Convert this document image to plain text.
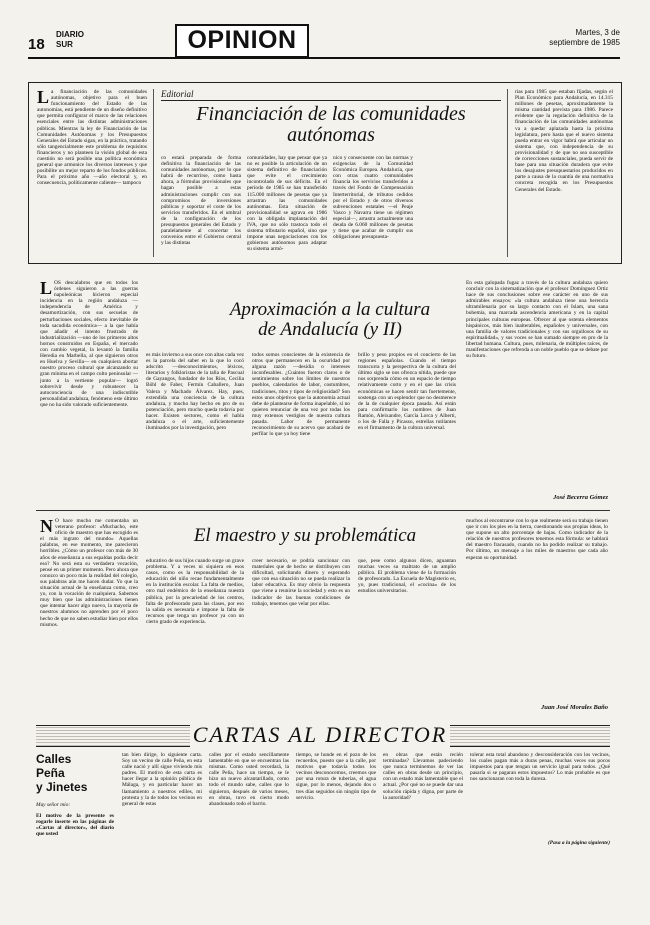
18
DIARIO
SUR	OPINION	Martes, 3 de
septiembre de 1985
La financiación de las comunidades autónomas, objetivo para el buen funcionamiento del Estado de las autonomías, está pendiente de un diseño definitivo que permita configurar el marco de las relaciones esenciales entre las distintas administraciones públicas. Mientras la ley de Financiación de las Comunidades Autónomas y los Presupuestos Generales del Estado sigan, en la práctica, tratando sólo tangencialmente este problema de requisitos financieros y no planteen la visión global de esta cuestión no será posible una política económica general que armonice los diversos intereses y que posibilite un mejor reparto de los fondos públicos. Para el próximo año —año electoral y, en consecuencia, políticamente caliente— tampoco
Editorial
Financiación de las comunidades
autónomas
co estará preparada de forma definitiva la financiación de las comunidades autónomas, por lo que habrá de recurrirse, como hasta ahora, a fórmulas provisionales que hagan posible a estas administraciones cumplir con sus compromisos de inversiones públicas y soportar el coste de los servicios transferidos. En el umbral de la configuración de los presupuestos generales del Estado y paralelamente al concertar los convenios entre el Gobierno central y las distintas
comunidades, hay que pensar que ya no es posible la articulación de un sistema definitivo de financiación que evite el crecimiento incontrolado de sus déficits. En el período de 1985 se han transferido 115.000 millones de pesetas que ya arrastran las comunidades autónomas. Esta situación de provisionalidad se agrava en 1986 con la obligada implantación del IVA, que no sólo trastoca todo el sistema tributario español, sino que impone unas negociaciones con los gobiernos autónomos para adaptar su sistema armó-
nico y consecuente con las normas y exigencias de la Comunidad Económica Europea. Andalucía, que con otras cuatro comunidades financia los servicios transferidos a través del Fondo de Compensación Interterritorial, de tributos cedidos por el Estado y de otros diversos subvenciones estatales —el Peaje Vasco y Navarra tiene un régimen especial—, arrastra actualmente una deuda de 6.060 millones de pesetas y tiene que acabar de cumplir sus obligaciones presupuesta-
rias para 1985 que estaban fijadas, según el Plan Económico para Andalucía, en 14.315 millones de pesetas, aproximadamente la misma cantidad prevista para 1986. Parece evidente que la regulación definitiva de la financiación de las comunidades autónomas va a quedar aplazada hasta la próxima legislatura, pero hasta que el nuevo sistema pueda entrar en vigor habrá que articular un sistema que, con independencia de su provisionalidad y de que no sea susceptible de correcciones sustanciales, pueda servir de base para una situación duradera que evite los desajustes presupuestarios producidos en parte a causa de la cuantía de una normativa concreta recogida en los Presupuestos Generales del Estado.
Aproximación a la cultura
de Andalucía (y II)
LOS descalabros que en todos los órdenes siguieron a las guerras napoleónicas hicieron especial incidencia en la región andaluza —independencia de América y desamortización, con sus secuelas de perturbaciones sociales, efecto inevitable de toda sacudida económica— a la que había que añadir el intento frustrado de industrialización —uno de los primeros altos hornos construidos en España, el mercado con cambio vegetal, la levantó la familia Heredia en Marbella, al que siguieron otros en Huelva y Sevilla— en cualquiera abortar nuestro proceso cultural que alcanzando su gran mínima en el campo culto peninsular —junto a la vertiente popular— logró sobrevivir desde y robustecer la autoconciencia de una indiscutible personalidad andaluza, fenómeno este último que no ha sido valorado suficientemente.
es más invierno a sus once con altas cada vez es la parcela del saber en la que lo cocó adscrito —desconocimientos, léxicos, literarios y folkloristas de la talla de Pascual de Gayangos, fundador de los Ríos, Cecilia Böhl de Faber, Fermín Caballero, Juan Valera y Machado Álvarez. Hay, pues, extendida una conciencia de la cultura andaluza, y mucho hay hecho en pro de su potenciación, pero mucho queda todavía por hacer. Existen sectores, como el habla andaluza o el arte, suficientemente iluminados por la investigación, pero
todos somos conscientes de la existencia de otros que permanecen en la oscuridad por alguna razón —desidia o intereses inconfesables. ¿Cuántos fueron claros o de sentimientos sobre los límites de nuestros pueblos, calendarios de labor, costumbres, tradiciones, ritos y tipos de religiosidad? Son estos unos objetivos que la autonomía actual debe de plantearse de forma inapelable, si no quieren renunciar de una vez por todas los muy extensos vestigios de nuestra cultura pasada. Labor de permanente reconocimiento de su acervo que acabará de perfilar lo que ya hoy tiene
brillo y peso propios en el concierto de las regiones españolas. Cuando el tiempo transcurra y la perspectiva de la cultura del último siglo se nos ofrezca nítida, puede que nos sorprenda cómo en un espacio de tiempo relativamente corto y en el que las crisis económicas se hacen sentir tan fuertemente, sostenga con un esplendor que no desmerece de la de cualquier época pasada. Así están para confirmarlo los nombres de Juan Ramón, Aleixandre, García Lorca y Alberti, o los de Falla y Picasso, estrellas rutilantes en el firmamento de la cultura universal.
En esta galopada fugaz a través de la cultura andaluza quiero concluir con la sistematización que el profesor Domínguez Ortiz hace de sus conclusiones sobre ese carácter en uno de sus admirables ensayos: «la cultura andaluza tiene una herencia ultramilenaria por su largo contacto con el Islam, una sana bohemia, una marcada ascendencia americana y en la capital principales culturas europeas. Ofrecer al que ostenta elementos hispánicos, más bien inalterables, españoles y universales, con una familia de valores tradicionales y con sus orgullosos de su espiritualidad», y sus voces se han sumado siempre en pro de la libertad humana. Cultura, pues, milenaria, de múltiples raíces, de manifestaciones que refrenda a un noble pueblo que se debate por su futuro.
José Becerra Gómez
El maestro y su problemática
N O hace mucho me comentaba un veterano profesor: «Muchacho, este oficio de maestro que has escogido es el más ingrato del mundo» Aquellas palabras, en ese momento, me parecieron horribles. ¿Cómo un profesor con más de 30 años de enseñanza a sus espaldas podía decir eso? No será esta su verdadera vocación, pensé en un primer momento. Pero ahora que conozco un poco más la realidad del colegio, sus palabras aún me hacen dudar. Yo que la situación actual de la enseñanza como, creo yo, con la vocación de cualquiera. Sabemos muy bien que las administraciones tienen que intentar hacer algo nuevo, la mayoría de nuestros alumnos no aprenden por el poco hecho de que no saben estudiar bien por ellos mismos.
educativo de sus hijos cuando surge un grave problema. Y a veces ni siquiera en esos casos, como es la responsabilidad de la educación del niño recae fundamentalmente en la institución escolar. La falta de medios, otro mal endémico de la enseñanza nuestra pública, por la precariedad de los centros, falta de profesorado para las clases, por eso la salida es necesaria e impone la falta de recursos que tenga un profesor ya con un cierto grado de experiencia.
creer necesario, se podría sancionar con materiales que de hecho se distribuyen con dificultad, solicitando dinero y esperando que con esa situación no se pueda realizar la labor educativa. Es muy obvio la respuesta que viene a reunirse la sociedad y esto es un indicador de las buenas condiciones de trabajo, tenemos que velar por ellas.
que, pese como algunos dicen, aguantan muchas veces su maltrato de un amplio público. El problema viene de la formación de profesorado. La Escuela de Magisterio es, yo, pues tradicional, el «cocina» de los estudios universitarios.
muchos al encontrarse con lo que realmente será su trabajo tienen que ir con los pies en la tierra, cuestionando sus propias ideas, lo que supone un alto porcentaje de bajas. Como indicador de la relación de nuestros profesores tenemos esta fórmula: se hablará del maestro fracasado, cuando no ha podido realizar su trabajo. Por último, un mensaje a los miles de maestros que cada año esperan su oportunidad.
Juan José Morales Baño
CARTAS AL DIRECTOR
Calles
Peña
y Jinetes
Muy señor mío:
El motivo de la presente es rogarle inserte en las páginas de «Cartas al director», del diario que usted
tan bien dirige, lo siguiente carta. Soy un vecino de calle Peña, en esta calle nació y allí sigue viviendo mis padres. El motivo de esta carta es hacer llegar a la opinión pública de Málaga, y en particular hacer un llamamiento a nuestros ediles, mi protesta y la de todos los vecinos en general de estas
calles por el estado sencillamente lamentable en que se encuentran las mismas. Como usted recordará, la calle Peña, hace un tiempo, se le hizo un nuevo alcantarillado, como todo el mundo sabe, calles que lo siguieron, después de varios meses, en obras, tuvo en cierto modo abandonado todo el barrio.
tiempo, se hunde en el pozo de los recuerdos, puesto que a la calle, por motivos que todavía todos los vecinos desconocemos, creemos que por una rotura de tuberías, el agua sigue, por lo menos, dejando dos o tres días seguidos sin ningún tipo de servicio.
en obras que están recién terminadas? Llevamos padeciendo que nunca terminemos de ver las calles en obras desde un principio, con un estado más lamentable que el actual. ¿Por qué no se puede dar una solución rápida y digna, por parte de la autoridad?
tolerar esta total abandono y desconsideración con los vecinos, los cuales pagan más a duras penas, muchas veces sus pocos impuestos para que tengan un servicio igual para todos. ¿Qué pasaría si se pagaran estos impuestos? Lo más probable es que nos sancionaran con toda la dureza.
(Pasa a la página siguiente)
